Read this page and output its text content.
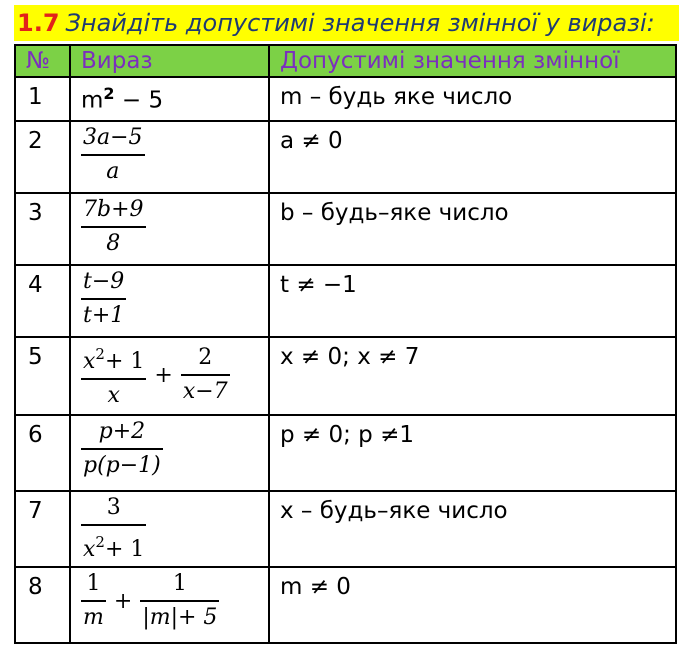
1.7 Знайдіть допустимі значення змінної у виразі:
№	Вираз	Допустимі значення змінної
1	$m^2 - 5$	m – будь яке число
2	$\frac{3a-5}{a}$	a ≠ 0
3	$\frac{7b+9}{8}$	b – будь–яке число
4	$\frac{t-9}{t+1}$	t ≠ −1
5	$\frac{x^2+ 1}{x} + \frac{2}{x-7}$	x ≠ 0; x ≠ 7
6	$\frac{p+2}{p(p-1)}$	p ≠ 0; p ≠1
7	$\frac{3}{x^2+ 1}$	x – будь–яке число
8	$\frac{1}{m} + \frac{1}{|m|+ 5}$	m ≠ 0
